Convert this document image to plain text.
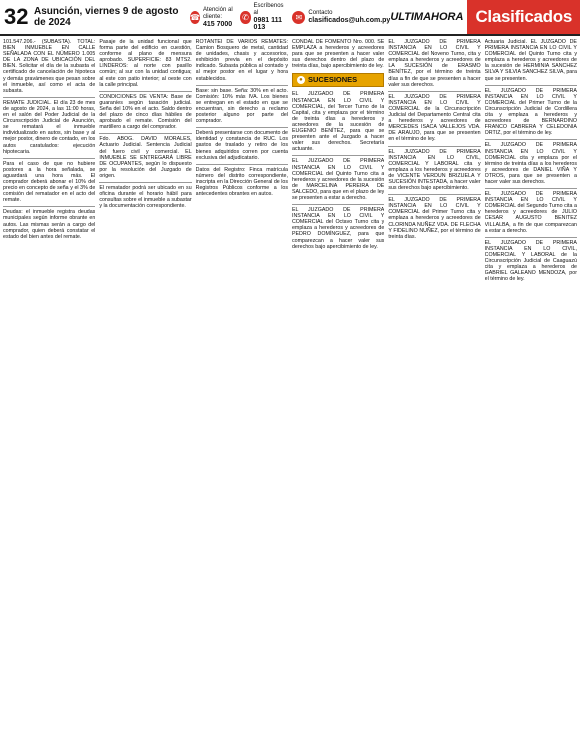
32 Asunción, viernes 9 de agosto de 2024	☎
Atención al cliente:
415 7000
✆
Escríbenos al
0981 111 013
✉	Contacto
clasificados@uh.com.py ULTIMAHORA Clasificados

101.547.206.- (SUBASTA). TOTAL: BIEN INMUEBLE EN CALLE SEÑALADA CON EL NÚMERO 1.005 DE LA ZONA DE UBICACIÓN DEL BIEN. Solicitar el día de la subasta el certificado de cancelación de hipoteca y demás gravámenes que pesan sobre el inmueble, así como el acta de subasta.

REMATE JUDICIAL. El día 23 de mes de agosto de 2024, a las 11:00 horas, en el salón del Poder Judicial de la Circunscripción Judicial de Asunción, se rematará el inmueble individualizado en autos, sin base y al mejor postor, dinero de contado, en los autos caratulados: ejecución hipotecaria.

Para el caso de que no hubiere postores a la hora señalada, se aguardará una hora más. El comprador deberá abonar el 10% del precio en concepto de seña y el 3% de comisión del rematador en el acto del remate.

Deudas: el inmueble registra deudas municipales según informe obrante en autos. Las mismas serán a cargo del comprador, quien deberá constatar el estado del bien antes del remate.

Pasaje de la unidad funcional que forma parte del edificio en cuestión, conforme al plano de mensura aprobado. SUPERFICIE: 83 MTS2. LINDEROS: al norte con pasillo común; al sur con la unidad contigua; al este con patio interior; al oeste con la calle principal.

CONDICIONES DE VENTA: Base de guaraníes según tasación judicial. Seña del 10% en el acto. Saldo dentro del plazo de cinco días hábiles de aprobado el remate. Comisión del martillero a cargo del comprador.

Fdo. ABOG. DAVID MORALES, Actuario Judicial. Sentencia Judicial del fuero civil y comercial. EL INMUEBLE SE ENTREGARÁ LIBRE DE OCUPANTES, según lo dispuesto por la resolución del Juzgado de origen.

El rematador podrá ser ubicado en su oficina durante el horario hábil para consultas sobre el inmueble a subastar y la documentación correspondiente.

ROTÁNTEI DE VARIOS REMATES: Camion Bosquero de metal, cantidad de unidades, chasis y accesorios, exhibición previa en el depósito indicado. Subasta pública al contado y al mejor postor en el lugar y hora establecidos.

Base: sin base. Seña: 30% en el acto. Comisión: 10% más IVA. Los bienes se entregan en el estado en que se encuentran, sin derecho a reclamo posterior alguno por parte del comprador.

Deberá presentarse con documento de identidad y constancia de RUC. Los gastos de traslado y retiro de los bienes adquiridos corren por cuenta exclusiva del adjudicatario.

Datos del Registro: Finca matrícula número del distrito correspondiente, inscripta en la Dirección General de los Registros Públicos conforme a los antecedentes obrantes en autos.

CONDAL DE FOMENTO Nro. 000. SE EMPLAZA a herederos y acreedores para que se presenten a hacer valer sus derechos dentro del plazo de treinta días, bajo apercibimiento de ley.

● SUCESIONES

EL JUZGADO DE PRIMERA INSTANCIA EN LO CIVIL Y COMERCIAL, del Tercer Turno de la Capital, cita y emplaza por el término de treinta días a herederos y acreedores de la sucesión de EUGENIO BENÍTEZ, para que se presenten ante el Juzgado a hacer valer sus derechos. Secretaría actuante.

EL JUZGADO DE PRIMERA INSTANCIA EN LO CIVIL Y COMERCIAL del Quinto Turno cita a herederos y acreedores de la sucesión de MARCELINA PEREIRA DE SALCEDO, para que en el plazo de ley se presenten a estar a derecho.

EL JUZGADO DE PRIMERA INSTANCIA EN LO CIVIL Y COMERCIAL del Octavo Turno cita y emplaza a herederos y acreedores de PEDRO DOMÍNGUEZ, para que comparezcan a hacer valer sus derechos bajo apercibimiento de ley.

EL JUZGADO DE PRIMERA INSTANCIA EN LO CIVIL Y COMERCIAL del Noveno Turno, cita y emplaza a herederos y acreedores de LA SUCESIÓN de ERASMO BENÍTEZ, por el término de treinta días a fin de que se presenten a hacer valer sus derechos.

EL JUZGADO DE PRIMERA INSTANCIA EN LO CIVIL Y COMERCIAL de la Circunscripción Judicial del Departamento Central cita a herederos y acreedores de MERCEDES ISACA VALLEJOS VDA. DE ARAUJO, para que se presenten en el término de ley.

EL JUZGADO DE PRIMERA INSTANCIA EN LO CIVIL, COMERCIAL Y LABORAL cita y emplaza a los herederos y acreedores de VICENTE VERDUN BRIZUELA Y SUCESIÓN INTESTADA, a hacer valer sus derechos bajo apercibimiento.

EL JUZGADO DE PRIMERA INSTANCIA EN LO CIVIL Y COMERCIAL del Primer Turno cita y emplaza a herederos y acreedores de CLORINDA NUÑEZ VDA. DE FLECHA Y FIDELINO NUÑEZ, por el término de treinta días.

Actuaria Judicial. EL JUZGADO DE PRIMERA INSTANCIA EN LO CIVIL Y COMERCIAL del Quinto Turno cita y emplaza a herederos y acreedores de la sucesión de HERMINIA SANCHEZ SILVA Y SILVIA SANCHEZ SILVA, para que se presenten.

EL JUZGADO DE PRIMERA INSTANCIA EN LO CIVIL Y COMERCIAL del Primer Turno de la Circunscripción Judicial de Cordillera cita y emplaza a herederos y acreedores de BERNARDINO FRANCO CABRERA Y CELEDONIA ORTIZ, por el término de ley.

EL JUZGADO DE PRIMERA INSTANCIA EN LO CIVIL Y COMERCIAL cita y emplaza por el término de treinta días a los herederos y acreedores de DANIEL VIÑA Y OTROS, para que se presenten a hacer valer sus derechos.

EL JUZGADO DE PRIMERA INSTANCIA EN LO CIVIL Y COMERCIAL del Segundo Turno cita a herederos y acreedores de JULIO CESAR AUGUSTO BENITEZ VILLALBA, a fin de que comparezcan a estar a derecho.

EL JUZGADO DE PRIMERA INSTANCIA EN LO CIVIL, COMERCIAL Y LABORAL de la Circunscripción Judicial de Caaguazú cita y emplaza a herederos de GABRIEL GALEANO MENDOZA, por el término de ley.
